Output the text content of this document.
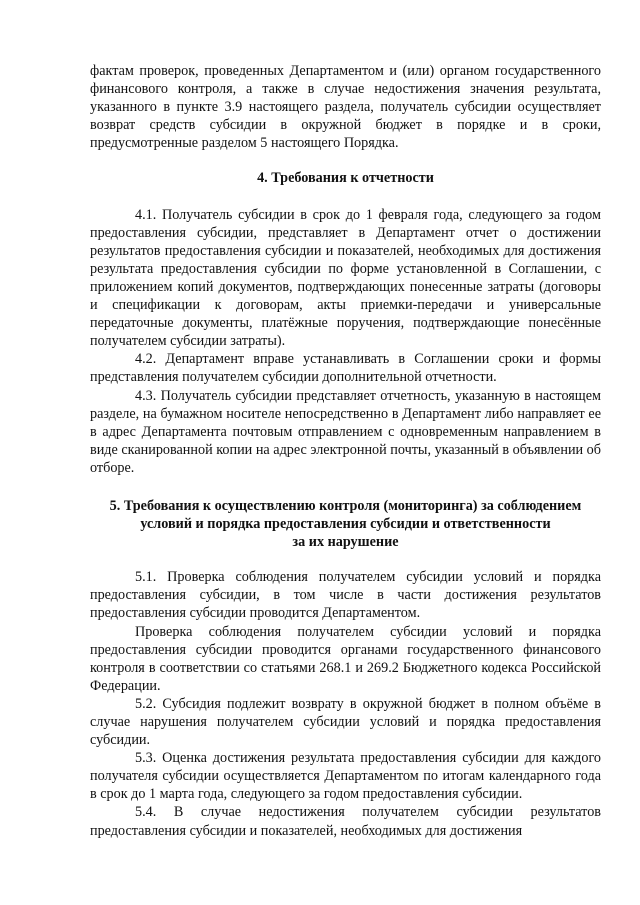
фактам проверок, проведенных Департаментом и (или) органом государственного финансового контроля, а также в случае недостижения значения результата, указанного в пункте 3.9 настоящего раздела, получатель субсидии осуществляет возврат средств субсидии в окружной бюджет в порядке и в сроки, предусмотренные разделом 5 настоящего Порядка.

4. Требования к отчетности

4.1. Получатель субсидии в срок до 1 февраля года, следующего за годом предоставления субсидии, представляет в Департамент отчет о достижении результатов предоставления субсидии и показателей, необходимых для достижения результата предоставления субсидии по форме установленной в Соглашении, с приложением копий документов, подтверждающих понесенные затраты (договоры и спецификации к договорам, акты приемки-передачи и универсальные передаточные документы, платёжные поручения, подтверждающие понесённые получателем субсидии затраты).

4.2. Департамент вправе устанавливать в Соглашении сроки и формы представления получателем субсидии дополнительной отчетности.

4.3. Получатель субсидии представляет отчетность, указанную в настоящем разделе, на бумажном носителе непосредственно в Департамент либо направляет ее в адрес Департамента почтовым отправлением с одновременным направлением в виде сканированной копии на адрес электронной почты, указанный в объявлении об отборе.

5. Требования к осуществлению контроля (мониторинга) за соблюдением
условий и порядка предоставления субсидии и ответственности
за их нарушение

5.1. Проверка соблюдения получателем субсидии условий и порядка предоставления субсидии, в том числе в части достижения результатов предоставления субсидии проводится Департаментом.

Проверка соблюдения получателем субсидии условий и порядка предоставления субсидии проводится органами государственного финансового контроля в соответствии со статьями 268.1 и 269.2 Бюджетного кодекса Российской Федерации.

5.2. Субсидия подлежит возврату в окружной бюджет в полном объёме в случае нарушения получателем субсидии условий и порядка предоставления субсидии.

5.3. Оценка достижения результата предоставления субсидии для каждого получателя субсидии осуществляется Департаментом по итогам календарного года в срок до 1 марта года, следующего за годом предоставления субсидии.

5.4. В случае недостижения получателем субсидии результатов предоставления субсидии и показателей, необходимых для достижения
